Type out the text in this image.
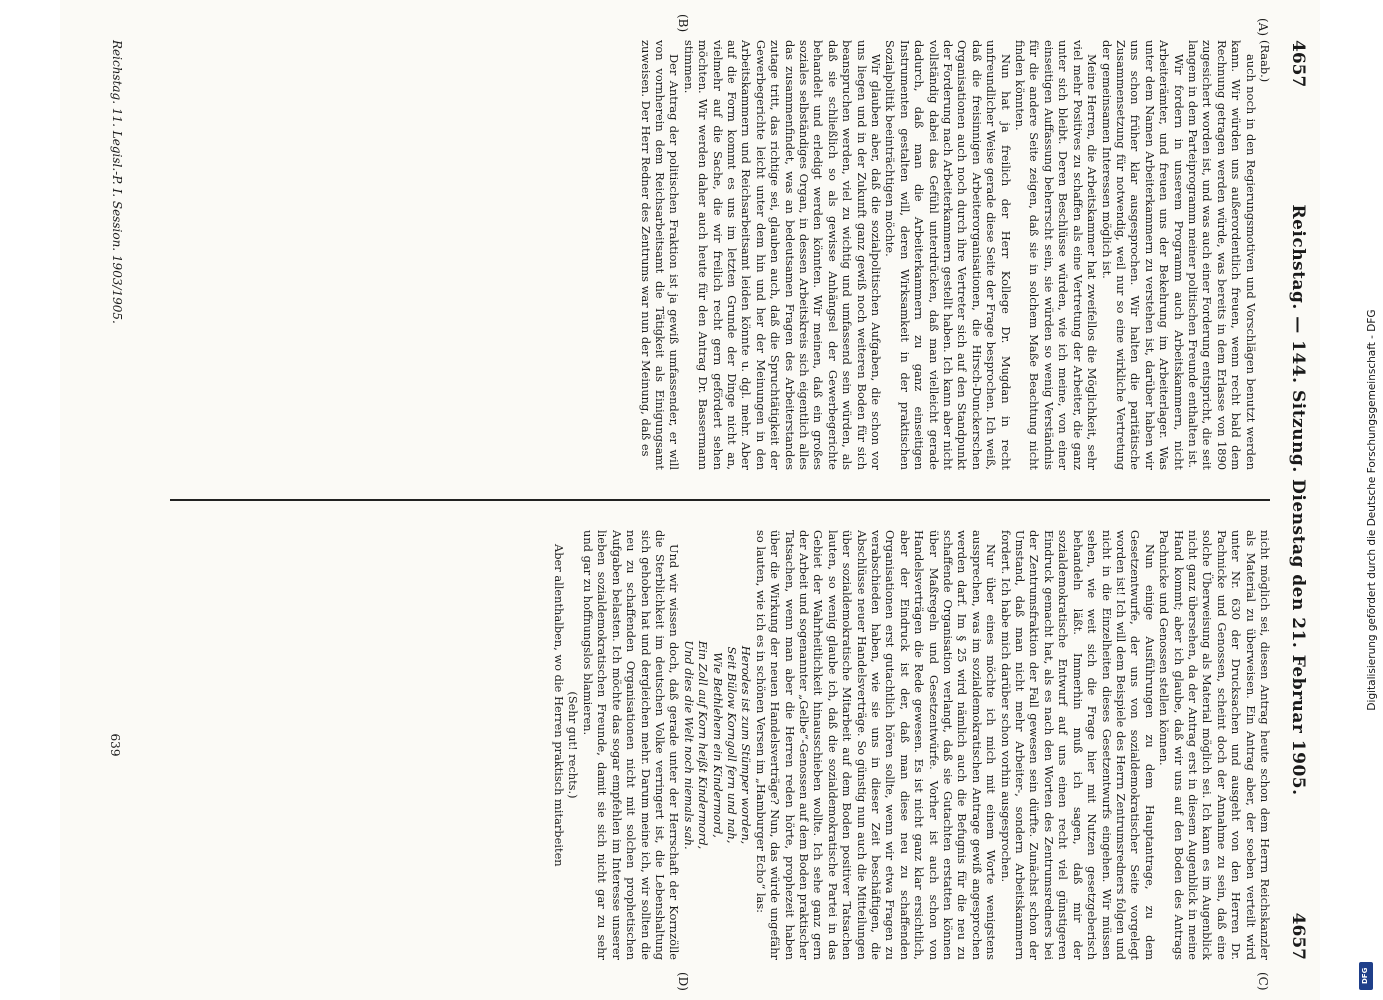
4657
Reichstag. — 144. Sitzung. Dienstag den 21. Februar 1905.
4657
(A)
(B)
(C)
(D)

(Raab.)

auch noch in den Regierungsmotiven und Vorschlägen benutzt werden kann. Wir würden uns außerordentlich freuen, wenn recht bald dem Rechnung getragen werden würde, was bereits in dem Erlasse von 1890 zugesichert worden ist, und was auch einer Forderung entspricht, die seit langem in dem Parteiprogramm meiner politischen Freunde enthalten ist.

Wir fordern in unserem Programm auch Arbeitskammern, nicht Arbeiterämter, und freuen uns der Bekehrung im Arbeiterlager. Was unter dem Namen Arbeiterkammern zu verstehen ist, darüber haben wir uns schon früher klar ausgesprochen. Wir halten die paritätische Zusammensetzung für notwendig, weil nur so eine wirkliche Vertretung der gemeinsamen Interessen möglich ist.

Meine Herren, die Arbeitskammer hat zweifellos die Möglichkeit, sehr viel mehr Positives zu schaffen als eine Vertretung der Arbeiter, die ganz unter sich bleibt. Deren Beschlüsse würden, wie ich meine, von einer einseitigen Auffassung beherrscht sein, sie würden so wenig Verständnis für die andere Seite zeigen, daß sie in solchem Maße Beachtung nicht finden könnten.

Nun hat ja freilich der Herr Kollege Dr. Mugdan in recht unfreundlicher Weise gerade diese Seite der Frage besprochen. Ich weiß, daß die freisinnigen Arbeiterorganisationen, die Hirsch-Dunckerschen Organisationen auch noch durch ihre Vertreter sich auf den Standpunkt der Forderung nach Arbeiterkammern gestellt haben. Ich kann aber nicht vollständig dabei das Gefühl unterdrücken, daß man vielleicht gerade dadurch, daß man die Arbeiterkammern zu ganz einseitigen Instrumenten gestalten will, deren Wirksamkeit in der praktischen Sozialpolitik beeinträchtigen möchte.

Wir glauben aber, daß die sozialpolitischen Aufgaben, die schon vor uns liegen und in der Zukunft ganz gewiß noch weiteren Boden für sich beanspruchen werden, viel zu wichtig und umfassend sein würden, als daß sie schließlich so als gewisse Anhängsel der Gewerbegerichte behandelt und erledigt werden könnten. Wir meinen, daß ein großes soziales selbständiges Organ, in dessen Arbeitskreis sich eigentlich alles das zusammenfindet, was an bedeutsamen Fragen des Arbeiterstandes zutage tritt, das richtige sei, glauben auch, daß die Spruchtätigkeit der Gewerbegerichte leicht unter dem hin und her der Meinungen in den Arbeitskammern und Reichsarbeitsamt leiden könnte u. dgl. mehr. Aber auf die Form kommt es uns im letzten Grunde der Dinge nicht an, vielmehr auf die Sache, die wir freilich recht gern gefördert sehen möchten. Wir werden daher auch heute für den Antrag Dr. Bassermann stimmen.

Der Antrag der politischen Fraktion ist ja gewiß umfassender, er will von vornherein dem Reichsarbeitsamt die Tätigkeit als Einigungsamt zuweisen. Der Herr Redner des Zentrums war nun der Meinung, daß es

nicht möglich sei, diesen Antrag heute schon dem Herrn Reichskanzler als Material zu überweisen. Ein Antrag aber, der soeben verteilt wird unter Nr. 630 der Drucksachen und ausgeht von den Herren Dr. Pachnicke und Genossen, scheint doch der Annahme zu sein, daß eine solche Überweisung als Material möglich sei. Ich kann es im Augenblick nicht ganz übersehen, da der Antrag erst in diesem Augenblick in meine Hand kommt; aber ich glaube, daß wir uns auf den Boden des Antrags Pachnicke und Genossen stellen können.

Nun einige Ausführungen zu dem Hauptantrage, zu dem Gesetzentwurfe, der uns von sozialdemokratischer Seite vorgelegt worden ist! Ich will dem Beispiele des Herrn Zentrumsredners folgen und nicht in die Einzelheiten dieses Gesetzentwurfs eingehen. Wir müssen sehen, wie weit sich die Frage hier mit Nutzen gesetzgeberisch behandeln läßt. Immerhin muß ich sagen, daß mir der sozialdemokratische Entwurf auf uns einen recht viel günstigeren Eindruck gemacht hat, als es nach den Worten des Zentrumsredners bei der Zentrumsfraktion der Fall gewesen sein dürfte. Zunächst schon der Umstand, daß man nicht mehr Arbeiter-, sondern Arbeitskammern fordert. Ich habe mich darüber schon vorhin ausgesprochen.

Nur über eines möchte ich mich mit einem Worte wenigstens aussprechen, was im sozialdemokratischen Antrage gewiß angesprochen werden darf. Im § 25 wird nämlich auch die Befugnis für die neu zu schaffende Organisation verlangt, daß sie Gutachten erstatten können über Maßregeln und Gesetzentwürfe. Vorher ist auch schon von Handelsverträgen die Rede gewesen. Es ist nicht ganz klar ersichtlich, aber der Eindruck ist der, daß man diese neu zu schaffenden Organisationen erst gutachtlich hören sollte, wenn wir etwa Fragen zu verabschieden haben, wie sie uns in dieser Zeit beschäftigen, die Abschlüsse neuer Handelsverträge. So günstig nun auch die Mitteilungen über sozialdemokratische Mitarbeit auf dem Boden positiver Tatsachen lauten, so wenig glaube ich, daß die sozialdemokratische Partei in das Gebiet der Wahrheitlichkeit hinausschieben wollte. Ich sehe ganz gern der Arbeit und sogenannter „Gelbe“-Genossen auf dem Boden praktischer Tatsachen, wenn man aber die Herren reden hörte, prophezeit haben über die Wirkung der neuen Handelsverträge? Nun, das würde ungefähr so lauten, wie ich es in schönen Versen im „Hamburger Echo“ las:

Herodes ist zum Stümper worden,

Seit Bülow Korngoll fern und nah,

Wie Bethlehem ein Kindermord,

Ein Zoll auf Korn heißt Kindermord,

Und dies die Welt noch niemals sah.

Und wir wissen doch, daß gerade unter der Herrschaft der Kornzölle die Sterblichkeit im deutschen Volke verringert ist, die Lebenshaltung sich gehoben hat und dergleichen mehr. Darum meine ich, wir sollten die neu zu schaffenden Organisationen nicht mit solchen prophetischen Aufgaben belasten. Ich möchte das sogar empfehlen im Interesse unserer lieben sozialdemokratischen Freunde, damit sie sich nicht gar zu sehr und gar zu hoffnungslos blamieren.

(Sehr gut! rechts.)

Aber allenthalben, wo die Herren praktisch mitarbeiten

Reichstag. 11. Legisl.-P. I. Session. 1903/1905.
639
Digitalisierung gefördert durch die Deutsche Forschungsgemeinschaft - DFG
DFG
